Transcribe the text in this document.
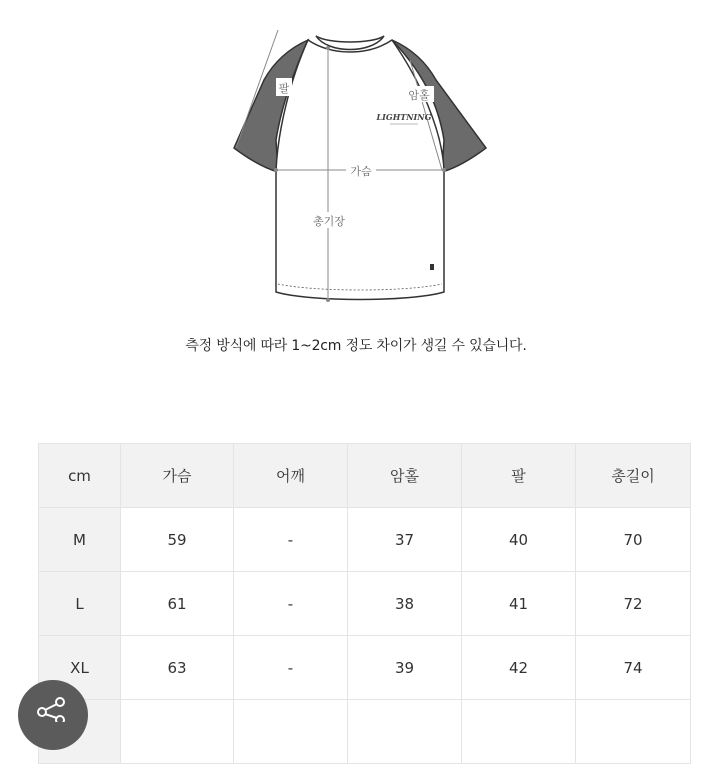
가슴
총기장
암홀
팔
LIGHTNING
측정 방식에 따라 1~2cm 정도 차이가 생길 수 있습니다.
cm	가슴	어깨	암홀	팔	총길이
M	59	-	37	40	70
L	61	-	38	41	72
XL	63	-	39	42	74
